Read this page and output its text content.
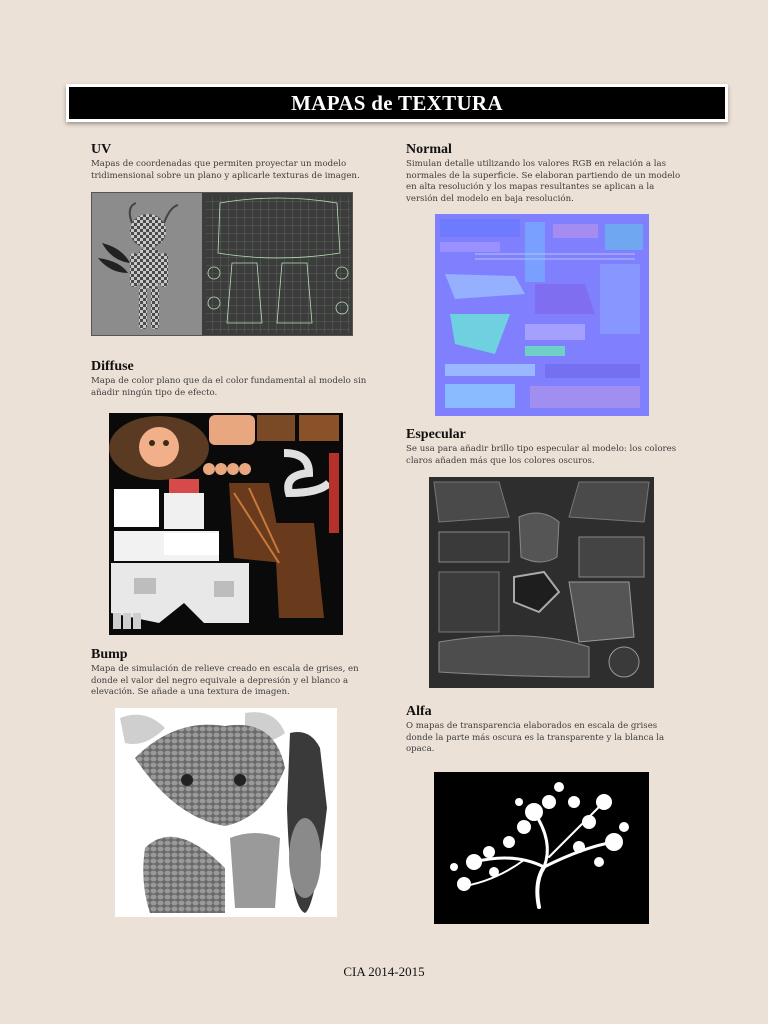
MAPAS de TEXTURA
UV

Mapas de coordenadas que permiten proyectar un modelo tridimensional sobre un plano y aplicarle texturas de imagen.

Diffuse

Mapa de color plano que da el color fundamental al modelo sin añadir ningún tipo de efecto.

Bump

Mapa de simulación de relieve creado en escala de grises, en donde el valor del negro equivale a depresión y el blanco a elevación. Se añade a una textura de imagen.

Normal

Simulan detalle utilizando los valores RGB en relación a las normales de la superficie. Se elaboran partiendo de un modelo en alta resolución y los mapas resultantes se aplican a la versión del modelo en baja resolución.

Especular

Se usa para añadir brillo tipo especular al modelo: los colores claros añaden más que los colores oscuros.

Alfa

O mapas de transparencia elaborados en escala de grises donde la parte más oscura es la transparente y la blanca la opaca.

CIA 2014-2015
